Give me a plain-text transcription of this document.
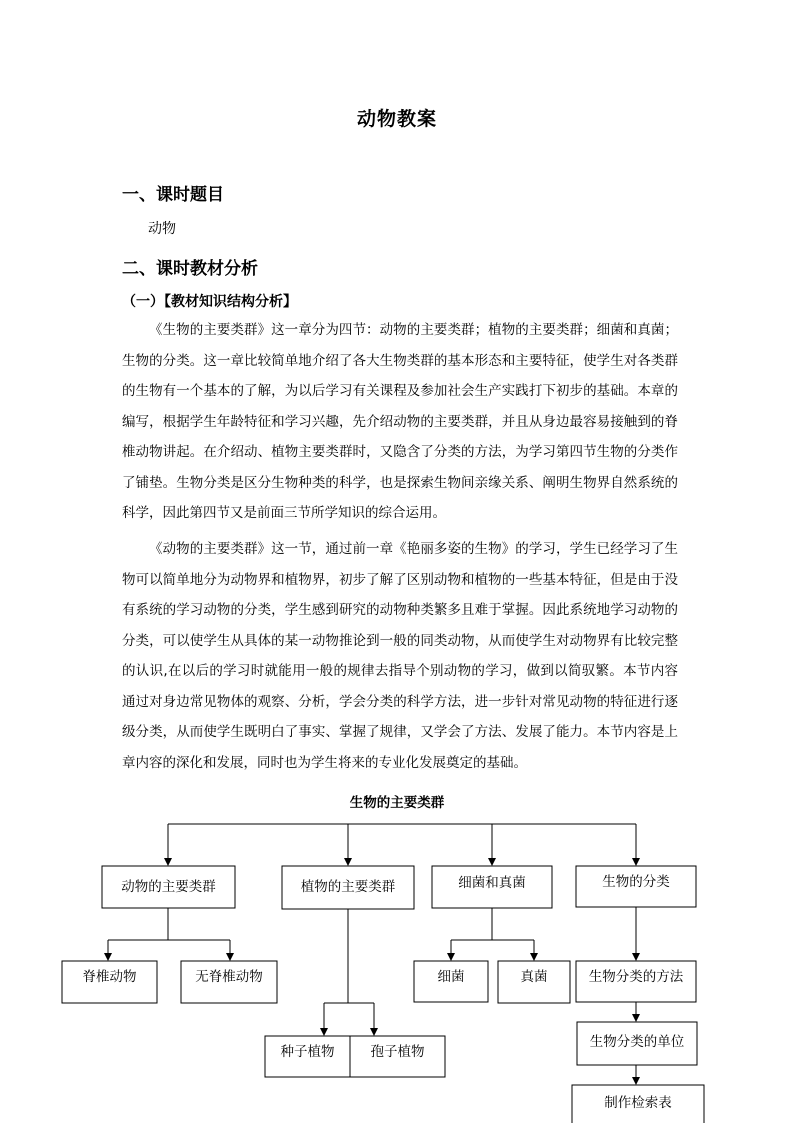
动物教案
一、课时题目
动物
二、课时教材分析
（一）【教材知识结构分析】

《生物的主要类群》这一章分为四节：动物的主要类群；植物的主要类群；细菌和真菌；生物的分类。这一章比较简单地介绍了各大生物类群的基本形态和主要特征，使学生对各类群的生物有一个基本的了解，为以后学习有关课程及参加社会生产实践打下初步的基础。本章的编写，根据学生年龄特征和学习兴趣，先介绍动物的主要类群，并且从身边最容易接触到的脊椎动物讲起。在介绍动、植物主要类群时，又隐含了分类的方法，为学习第四节生物的分类作了铺垫。生物分类是区分生物种类的科学，也是探索生物间亲缘关系、阐明生物界自然系统的科学，因此第四节又是前面三节所学知识的综合运用。

《动物的主要类群》这一节，通过前一章《艳丽多姿的生物》的学习，学生已经学习了生物可以简单地分为动物界和植物界，初步了解了区别动物和植物的一些基本特征，但是由于没有系统的学习动物的分类，学生感到研究的动物种类繁多且难于掌握。因此系统地学习动物的分类，可以使学生从具体的某一动物推论到一般的同类动物，从而使学生对动物界有比较完整的认识,在以后的学习时就能用一般的规律去指导个别动物的学习，做到以简驭繁。本节内容通过对身边常见物体的观察、分析，学会分类的科学方法，进一步针对常见动物的特征进行逐级分类，从而使学生既明白了事实、掌握了规律，又学会了方法、发展了能力。本节内容是上章内容的深化和发展，同时也为学生将来的专业化发展奠定的基础。

生物的主要类群
动物的主要类群	植物的主要类群	细菌和真菌	生物的分类
脊椎动物	无脊椎动物
种子植物	孢子植物
细菌	真菌	生物分类的方法
生物分类的单位
制作检索表
